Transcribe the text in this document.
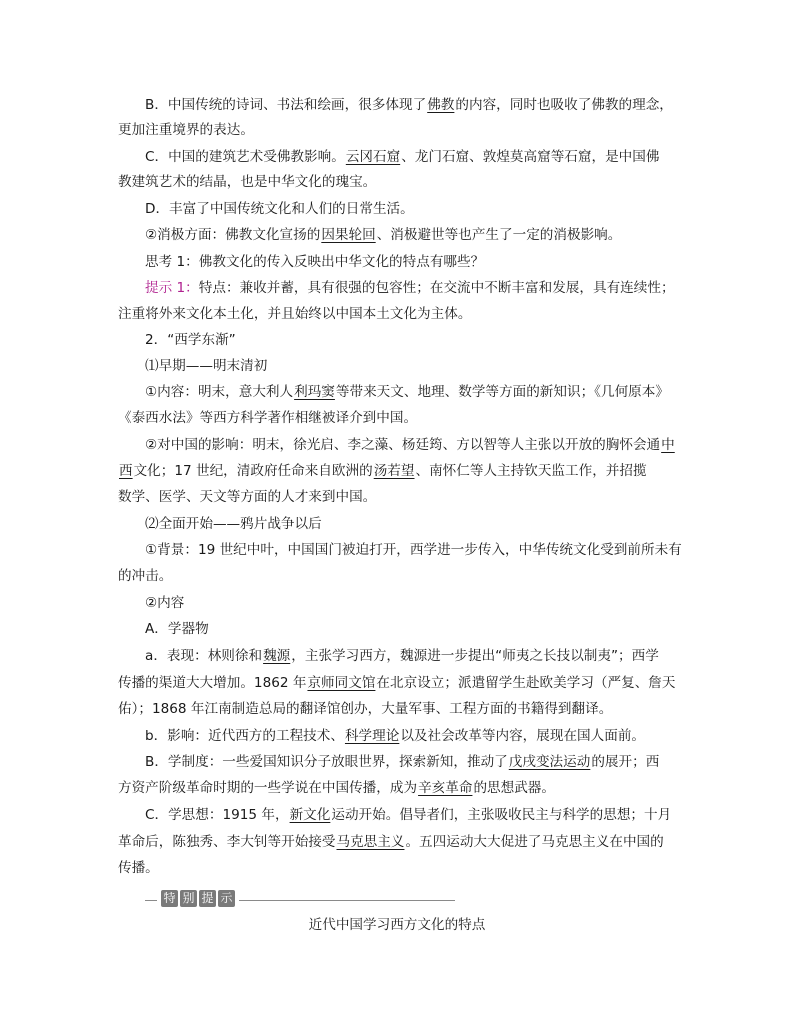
B．中国传统的诗词、书法和绘画，很多体现了佛教的内容，同时也吸收了佛教的理念，
更加注重境界的表达。
C．中国的建筑艺术受佛教影响。云冈石窟、龙门石窟、敦煌莫高窟等石窟，是中国佛
教建筑艺术的结晶，也是中华文化的瑰宝。
D．丰富了中国传统文化和人们的日常生活。
②消极方面：佛教文化宣扬的因果轮回、消极避世等也产生了一定的消极影响。
思考 1：佛教文化的传入反映出中华文化的特点有哪些？
提示 1：特点：兼收并蓄，具有很强的包容性；在交流中不断丰富和发展，具有连续性；
注重将外来文化本土化，并且始终以中国本土文化为主体。
2．“西学东渐”
⑴早期——明末清初
①内容：明末，意大利人利玛窦等带来天文、地理、数学等方面的新知识；《几何原本》
《泰西水法》等西方科学著作相继被译介到中国。
②对中国的影响：明末，徐光启、李之藻、杨廷筠、方以智等人主张以开放的胸怀会通中
西文化；17 世纪，清政府任命来自欧洲的汤若望、南怀仁等人主持钦天监工作，并招揽
数学、医学、天文等方面的人才来到中国。
⑵全面开始——鸦片战争以后
①背景：19 世纪中叶，中国国门被迫打开，西学进一步传入，中华传统文化受到前所未有
的冲击。
②内容
A．学器物
a．表现：林则徐和魏源，主张学习西方，魏源进一步提出“师夷之长技以制夷”；西学
传播的渠道大大增加。1862 年京师同文馆在北京设立；派遣留学生赴欧美学习（严复、詹天
佑）；1868 年江南制造总局的翻译馆创办，大量军事、工程方面的书籍得到翻译。
b．影响：近代西方的工程技术、科学理论以及社会改革等内容，展现在国人面前。
B．学制度：一些爱国知识分子放眼世界，探索新知，推动了戊戌变法运动的展开；西
方资产阶级革命时期的一些学说在中国传播，成为辛亥革命的思想武器。
C．学思想：1915 年，新文化运动开始。倡导者们，主张吸收民主与科学的思想；十月
革命后，陈独秀、李大钊等开始接受马克思主义。五四运动大大促进了马克思主义在中国的
传播。
特 别 提 示
近代中国学习西方文化的特点
